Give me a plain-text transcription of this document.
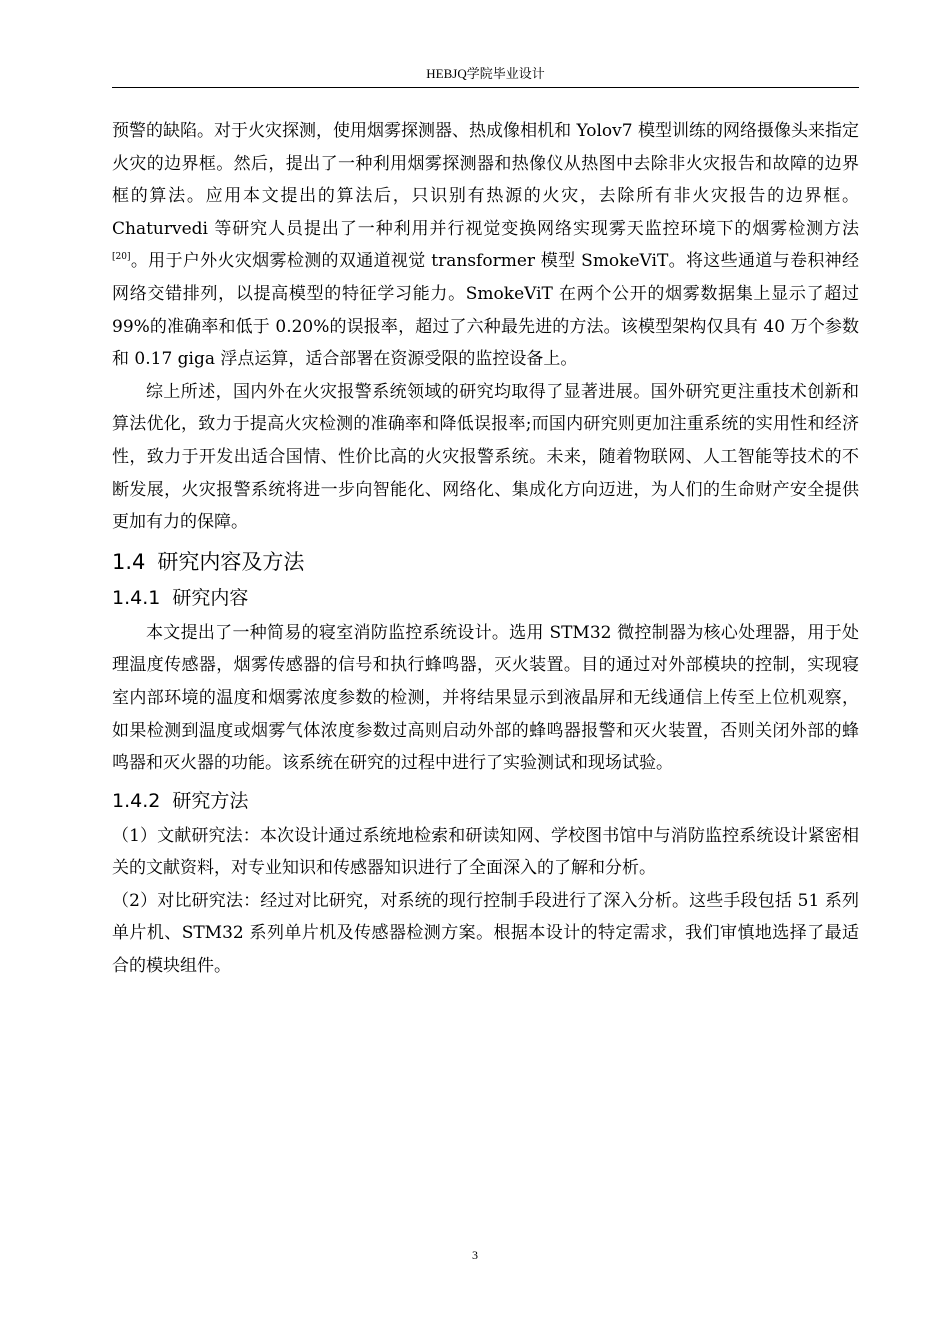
HEBJQ学院毕业设计

预警的缺陷。对于火灾探测，使用烟雾探测器、热成像相机和 Yolov7 模型训练的网络摄像头来指定火灾的边界框。然后，提出了一种利用烟雾探测器和热像仪从热图中去除非火灾报告和故障的边界框的算法。应用本文提出的算法后，只识别有热源的火灾，去除所有非火灾报告的边界框。Chaturvedi 等研究人员提出了一种利用并行视觉变换网络实现雾天监控环境下的烟雾检测方法[20]。用于户外火灾烟雾检测的双通道视觉 transformer 模型 SmokeViT。将这些通道与卷积神经网络交错排列，以提高模型的特征学习能力。SmokeViT 在两个公开的烟雾数据集上显示了超过 99%的准确率和低于 0.20%的误报率，超过了六种最先进的方法。该模型架构仅具有 40 万个参数和 0.17 giga 浮点运算，适合部署在资源受限的监控设备上。

综上所述，国内外在火灾报警系统领域的研究均取得了显著进展。国外研究更注重技术创新和算法优化，致力于提高火灾检测的准确率和降低误报率;而国内研究则更加注重系统的实用性和经济性，致力于开发出适合国情、性价比高的火灾报警系统。未来，随着物联网、人工智能等技术的不断发展，火灾报警系统将进一步向智能化、网络化、集成化方向迈进，为人们的生命财产安全提供更加有力的保障。

1.4 研究内容及方法
1.4.1 研究内容

本文提出了一种简易的寝室消防监控系统设计。选用 STM32 微控制器为核心处理器，用于处理温度传感器，烟雾传感器的信号和执行蜂鸣器，灭火装置。目的通过对外部模块的控制，实现寝室内部环境的温度和烟雾浓度参数的检测，并将结果显示到液晶屏和无线通信上传至上位机观察，如果检测到温度或烟雾气体浓度参数过高则启动外部的蜂鸣器报警和灭火装置，否则关闭外部的蜂鸣器和灭火器的功能。该系统在研究的过程中进行了实验测试和现场试验。

1.4.2 研究方法

（1）文献研究法：本次设计通过系统地检索和研读知网、学校图书馆中与消防监控系统设计紧密相关的文献资料，对专业知识和传感器知识进行了全面深入的了解和分析。

（2）对比研究法：经过对比研究，对系统的现行控制手段进行了深入分析。这些手段包括 51 系列单片机、STM32 系列单片机及传感器检测方案。根据本设计的特定需求，我们审慎地选择了最适合的模块组件。

3
